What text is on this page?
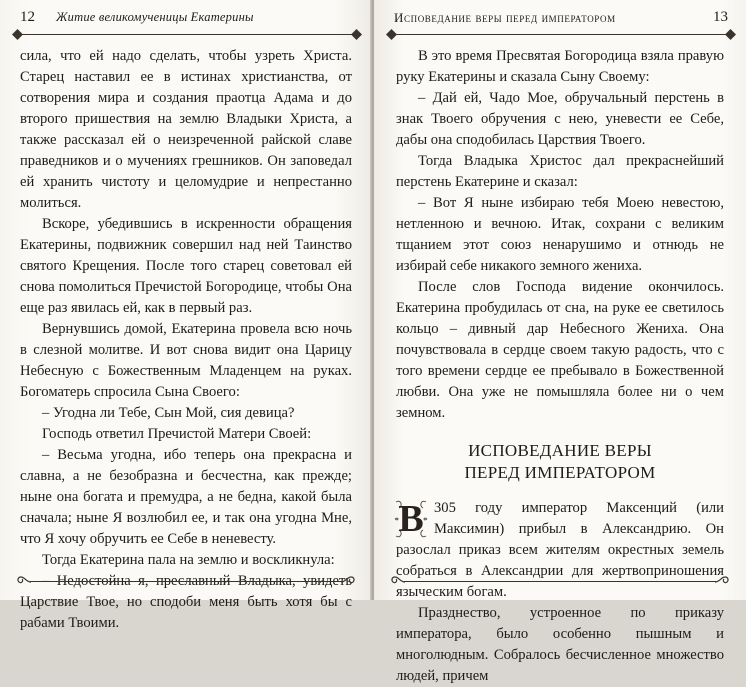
12 Житие великомученицы Екатерины

сила, что ей надо сделать, чтобы узреть Христа. Старец наставил ее в истинах христианства, от сотворения мира и создания праотца Адама и до второго пришествия на землю Владыки Христа, а также рассказал ей о неизреченной райской славе праведников и о мучениях грешников. Он заповедал ей хранить чистоту и целомудрие и непрестанно молиться.

Вскоре, убедившись в искренности обращения Екатерины, подвижник совершил над ней Таинство святого Крещения. После того старец советовал ей снова помолиться Пречистой Богородице, чтобы Она еще раз явилась ей, как в первый раз.

Вернувшись домой, Екатерина провела всю ночь в слезной молитве. И вот снова видит она Царицу Небесную с Божественным Младенцем на руках. Богоматерь спросила Сына Своего:

– Угодна ли Тебе, Сын Мой, сия девица?

Господь ответил Пречистой Матери Своей:

– Весьма угодна, ибо теперь она прекрасна и славна, а не безобразна и бесчестна, как прежде; ныне она богата и премудра, а не бедна, какой была сначала; ныне Я возлюбил ее, и так она угодна Мне, что Я хочу обручить ее Себе в неневесту.

Тогда Екатерина пала на землю и воскликнула:

– Недостойна я, преславный Владыка, увидеть Царствие Твое, но сподоби меня быть хотя бы с рабами Твоими.

Исповедание веры перед императором	13

В это время Пресвятая Богородица взяла правую руку Екатерины и сказала Сыну Своему:

– Дай ей, Чадо Мое, обручальный перстень в знак Твоего обручения с нею, уневести ее Себе, дабы она сподобилась Царствия Твоего.

Тогда Владыка Христос дал прекраснейший перстень Екатерине и сказал:

– Вот Я ныне избираю тебя Моею невестою, нетленною и вечною. Итак, сохрани с великим тщанием этот союз ненарушимо и отнюдь не избирай себе никакого земного жениха.

После слов Господа видение окончилось. Екатерина пробудилась от сна, на руке ее светилось кольцо – дивный дар Небесного Жениха. Она почувствовала в сердце своем такую радость, что с того времени сердце ее пребывало в Божественной любви. Она уже не помышляла более ни о чем земном.

ИСПОВЕДАНИЕ ВЕРЫ
ПЕРЕД ИМПЕРАТОРОМ

В 305 году император Максенций (или Максимин) прибыл в Александрию. Он разослал приказ всем жителям окрестных земель собраться в Александрии для жертвоприношения языческим богам.

Празднество, устроенное по приказу императора, было особенно пышным и многолюдным. Собралось бесчисленное множество людей, причем
